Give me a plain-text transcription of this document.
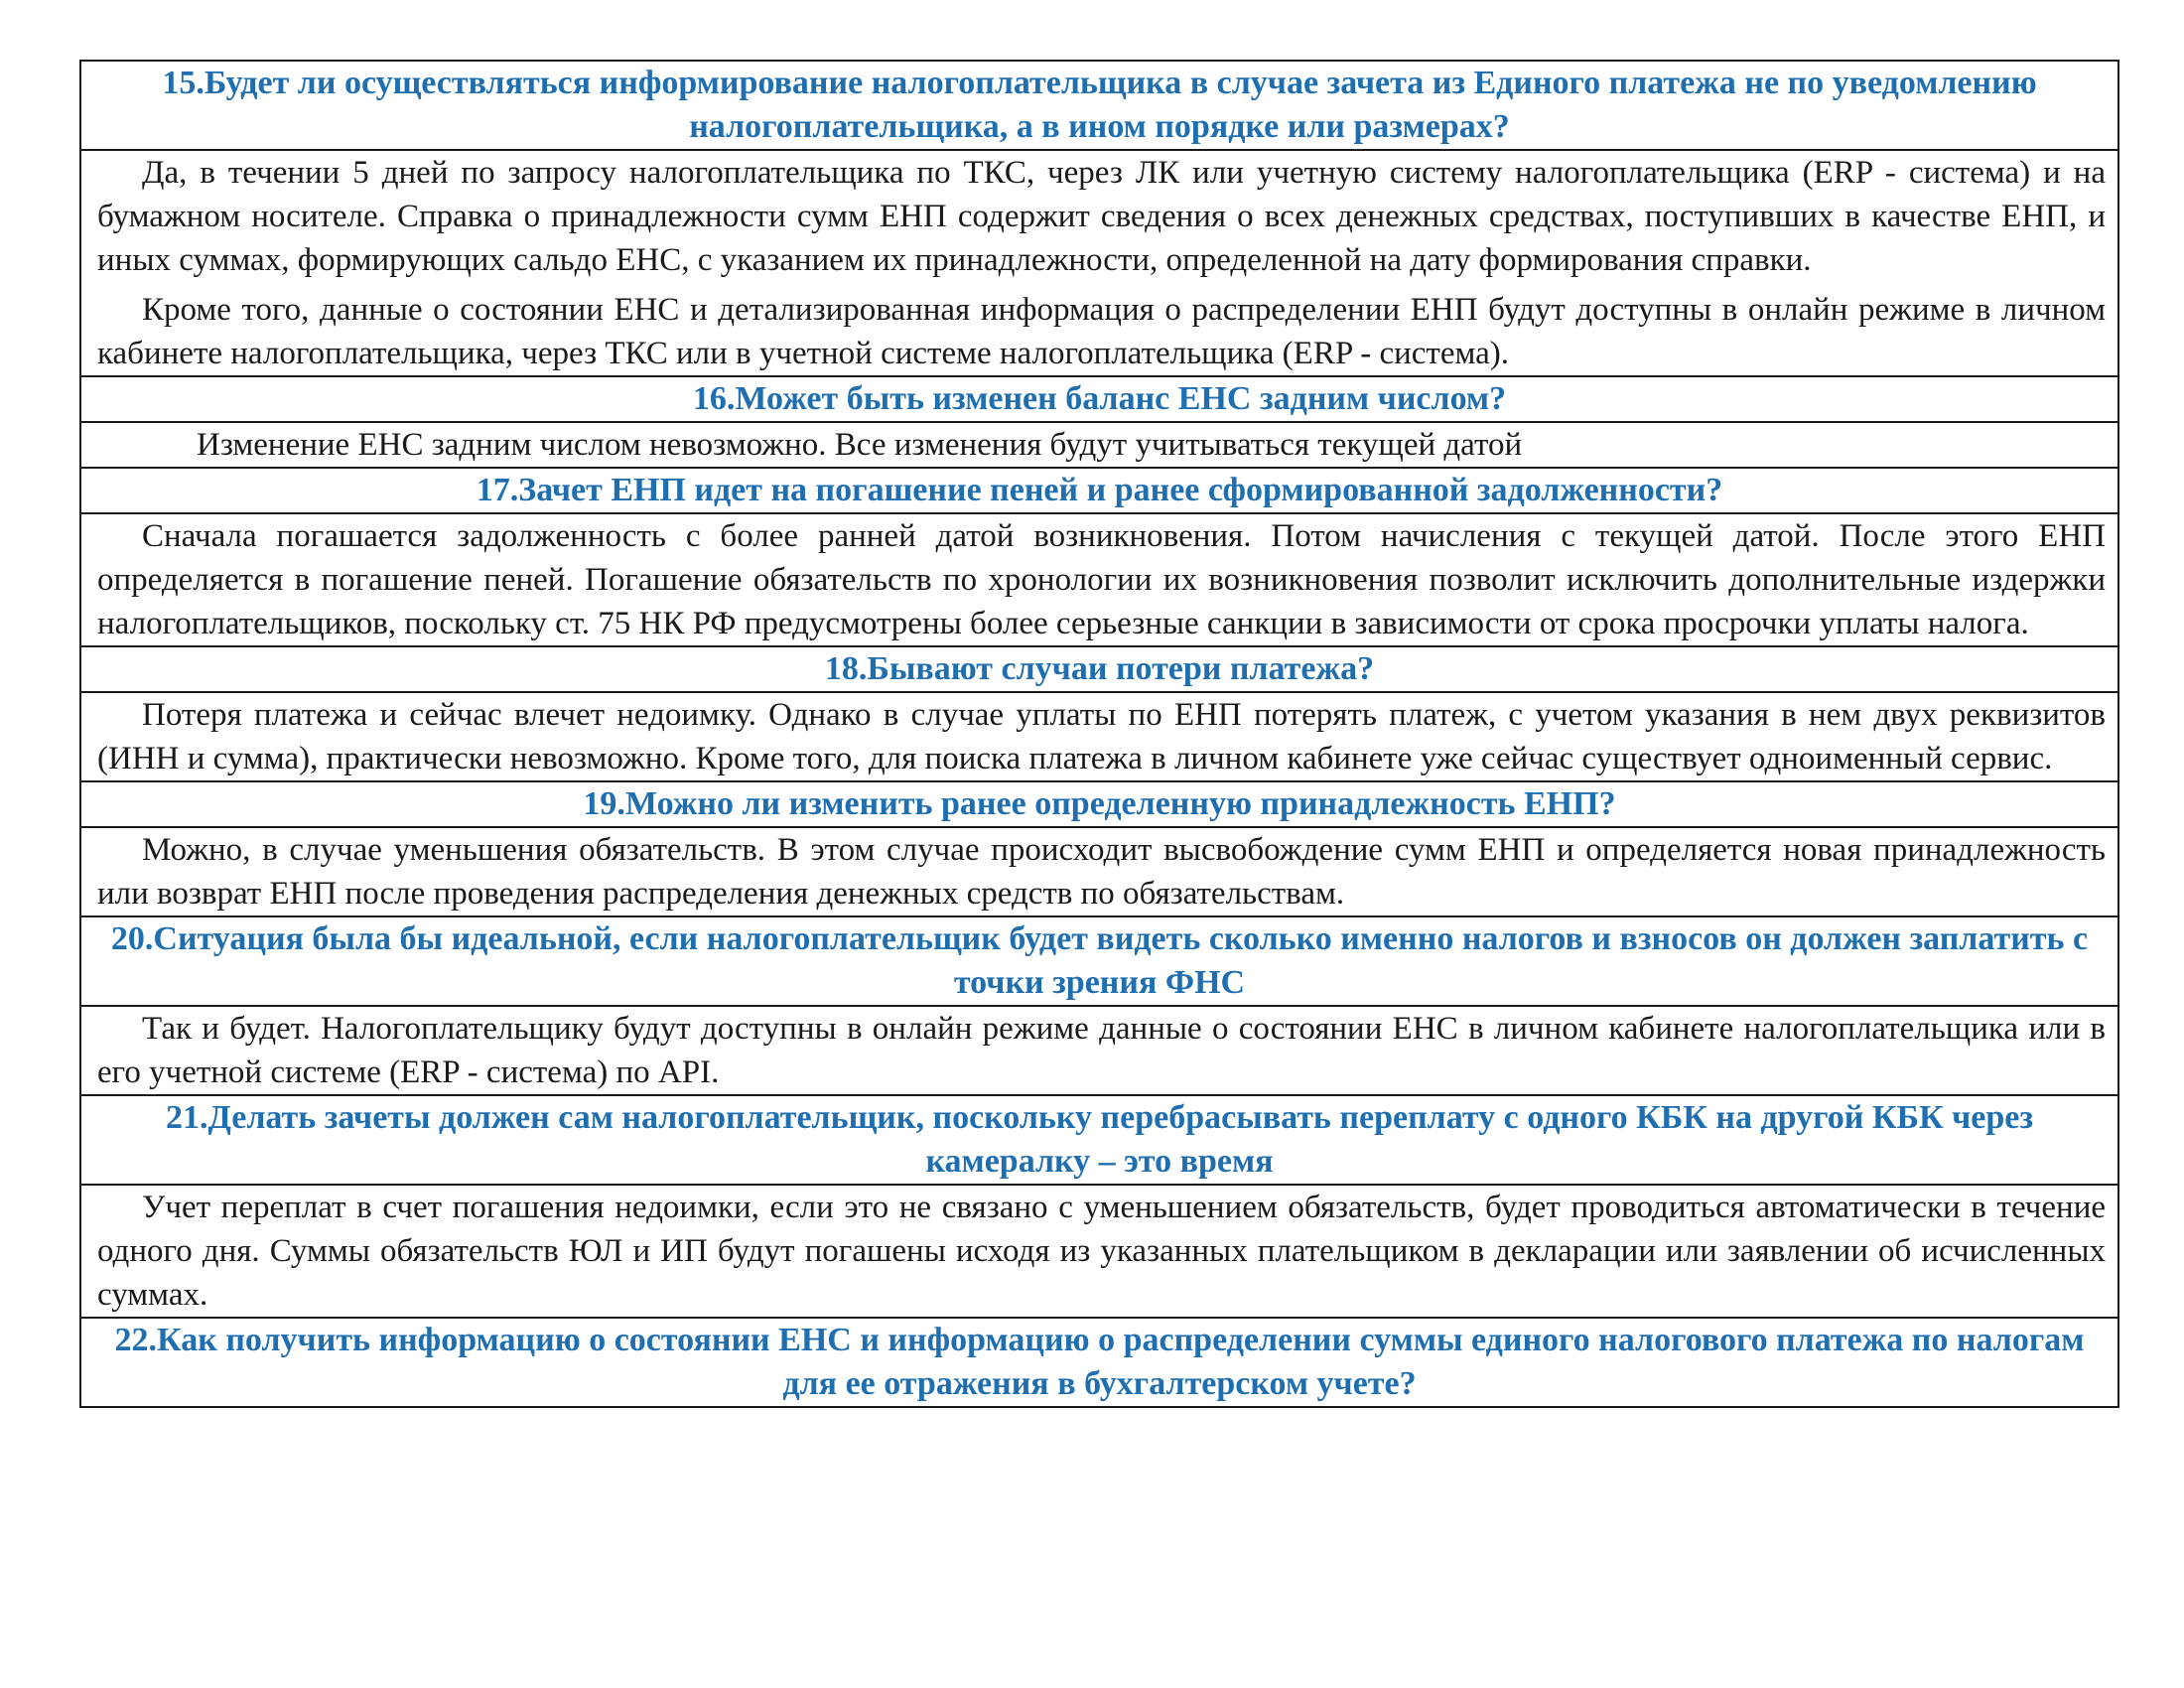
15.Будет ли осуществляться информирование налогоплательщика в случае зачета из Единого платежа не по уведомлению налогоплательщика, а в ином порядке или размерах?

Да, в течении 5 дней по запросу налогоплательщика по ТКС, через ЛК или учетную систему налогоплательщика (ERP - система) и на бумажном носителе. Справка о принадлежности сумм ЕНП содержит сведения о всех денежных средствах, поступивших в качестве ЕНП, и иных суммах, формирующих сальдо ЕНС, с указанием их принадлежности, определенной на дату формирования справки.

Кроме того, данные о состоянии ЕНС и детализированная информация о распределении ЕНП будут доступны в онлайн режиме в личном кабинете налогоплательщика, через ТКС или в учетной системе налогоплательщика (ERP - система).

16.Может быть изменен баланс ЕНС задним числом?

Изменение ЕНС задним числом невозможно. Все изменения будут учитываться текущей датой

17.Зачет ЕНП идет на погашение пеней и ранее сформированной задолженности?

Сначала погашается задолженность с более ранней датой возникновения. Потом начисления с текущей датой. После этого ЕНП определяется в погашение пеней. Погашение обязательств по хронологии их возникновения позволит исключить дополнительные издержки налогоплательщиков, поскольку ст. 75 НК РФ предусмотрены более серьезные санкции в зависимости от срока просрочки уплаты налога.

18.Бывают случаи потери платежа?

Потеря платежа и сейчас влечет недоимку. Однако в случае уплаты по ЕНП потерять платеж, с учетом указания в нем двух реквизитов (ИНН и сумма), практически невозможно. Кроме того, для поиска платежа в личном кабинете уже сейчас существует одноименный сервис.

19.Можно ли изменить ранее определенную принадлежность ЕНП?

Можно, в случае уменьшения обязательств. В этом случае происходит высвобождение сумм ЕНП и определяется новая принадлежность или возврат ЕНП после проведения распределения денежных средств по обязательствам.

20.Ситуация была бы идеальной, если налогоплательщик будет видеть сколько именно налогов и взносов он должен заплатить с точки зрения ФНС

Так и будет. Налогоплательщику будут доступны в онлайн режиме данные о состоянии ЕНС в личном кабинете налогоплательщика или в его учетной системе (ERP - система) по API.

21.Делать зачеты должен сам налогоплательщик, поскольку перебрасывать переплату с одного КБК на другой КБК через камералку – это время

Учет переплат в счет погашения недоимки, если это не связано с уменьшением обязательств, будет проводиться автоматически в течение одного дня. Суммы обязательств ЮЛ и ИП будут погашены исходя из указанных плательщиком в декларации или заявлении об исчисленных суммах.

22.Как получить информацию о состоянии ЕНС и информацию о распределении суммы единого налогового платежа по налогам для ее отражения в бухгалтерском учете?
